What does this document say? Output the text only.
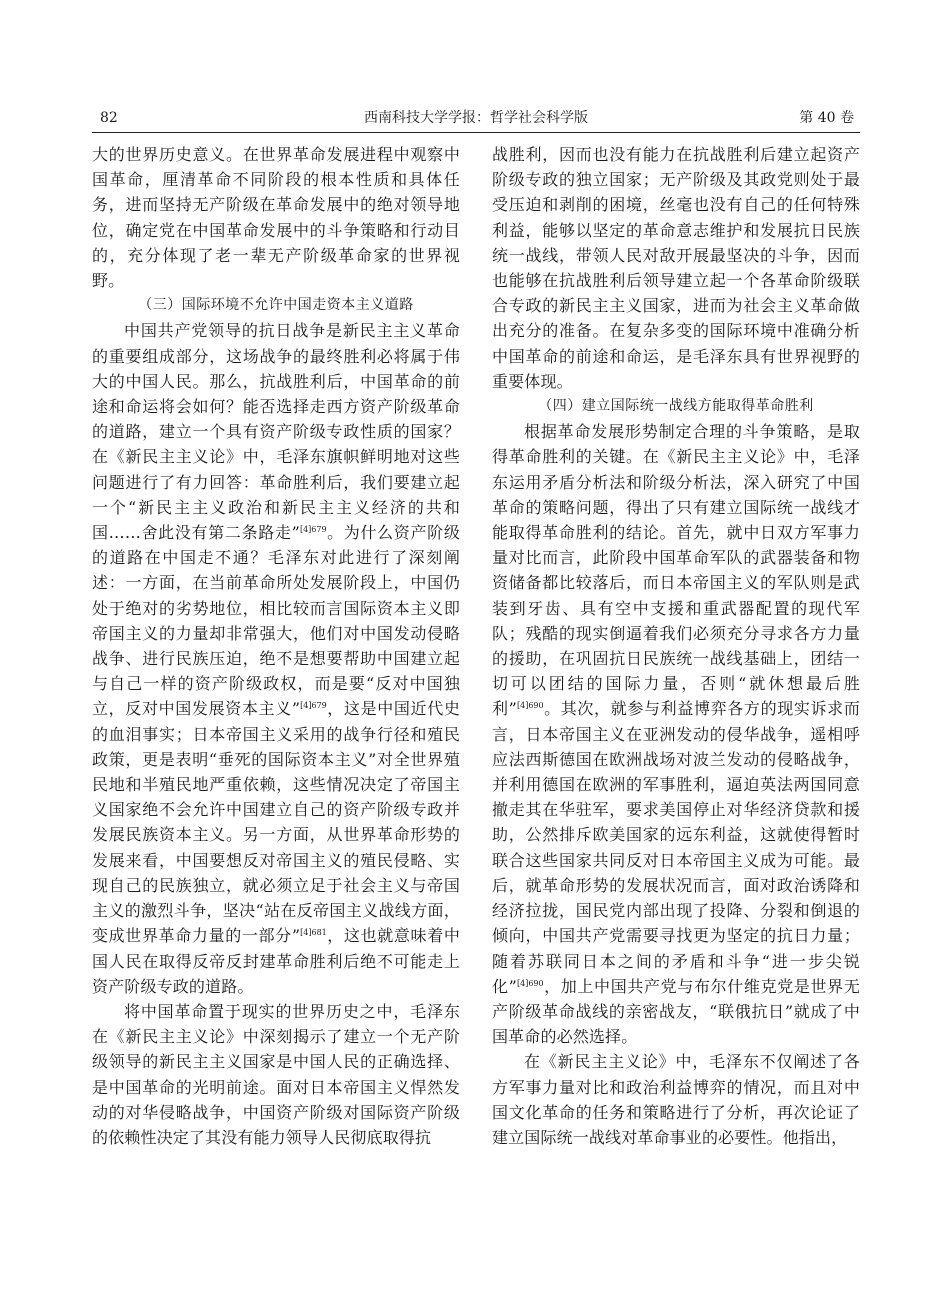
82	西南科技大学学报：哲学社会科学版	第 40 卷

大的世界历史意义。在世界革命发展进程中观察中国革命，厘清革命不同阶段的根本性质和具体任务，进而坚持无产阶级在革命发展中的绝对领导地位，确定党在中国革命发展中的斗争策略和行动目的，充分体现了老一辈无产阶级革命家的世界视野。

（三）国际环境不允许中国走资本主义道路

中国共产党领导的抗日战争是新民主主义革命的重要组成部分，这场战争的最终胜利必将属于伟大的中国人民。那么，抗战胜利后，中国革命的前途和命运将会如何？能否选择走西方资产阶级革命的道路，建立一个具有资产阶级专政性质的国家？在《新民主主义论》中，毛泽东旗帜鲜明地对这些问题进行了有力回答：革命胜利后，我们要建立起一个“新民主主义政治和新民主主义经济的共和国……舍此没有第二条路走”$^{[4]679}$。为什么资产阶级的道路在中国走不通？毛泽东对此进行了深刻阐述：一方面，在当前革命所处发展阶段上，中国仍处于绝对的劣势地位，相比较而言国际资本主义即帝国主义的力量却非常强大，他们对中国发动侵略战争、进行民族压迫，绝不是想要帮助中国建立起与自己一样的资产阶级政权，而是要“反对中国独立，反对中国发展资本主义”$^{[4]679}$，这是中国近代史的血泪事实；日本帝国主义采用的战争行径和殖民政策，更是表明“垂死的国际资本主义”对全世界殖民地和半殖民地严重依赖，这些情况决定了帝国主义国家绝不会允许中国建立自己的资产阶级专政并发展民族资本主义。另一方面，从世界革命形势的发展来看，中国要想反对帝国主义的殖民侵略、实现自己的民族独立，就必须立足于社会主义与帝国主义的激烈斗争，坚决“站在反帝国主义战线方面，变成世界革命力量的一部分”$^{[4]681}$，这也就意味着中国人民在取得反帝反封建革命胜利后绝不可能走上资产阶级专政的道路。

将中国革命置于现实的世界历史之中，毛泽东在《新民主主义论》中深刻揭示了建立一个无产阶级领导的新民主主义国家是中国人民的正确选择、是中国革命的光明前途。面对日本帝国主义悍然发动的对华侵略战争，中国资产阶级对国际资产阶级的依赖性决定了其没有能力领导人民彻底取得抗

战胜利，因而也没有能力在抗战胜利后建立起资产阶级专政的独立国家；无产阶级及其政党则处于最受压迫和剥削的困境，丝毫也没有自己的任何特殊利益，能够以坚定的革命意志维护和发展抗日民族统一战线，带领人民对敌开展最坚决的斗争，因而也能够在抗战胜利后领导建立起一个各革命阶级联合专政的新民主主义国家，进而为社会主义革命做出充分的准备。在复杂多变的国际环境中准确分析中国革命的前途和命运，是毛泽东具有世界视野的重要体现。

（四）建立国际统一战线方能取得革命胜利

根据革命发展形势制定合理的斗争策略，是取得革命胜利的关键。在《新民主主义论》中，毛泽东运用矛盾分析法和阶级分析法，深入研究了中国革命的策略问题，得出了只有建立国际统一战线才能取得革命胜利的结论。首先，就中日双方军事力量对比而言，此阶段中国革命军队的武器装备和物资储备都比较落后，而日本帝国主义的军队则是武装到牙齿、具有空中支援和重武器配置的现代军队；残酷的现实倒逼着我们必须充分寻求各方力量的援助，在巩固抗日民族统一战线基础上，团结一切可以团结的国际力量，否则“就休想最后胜利”$^{[4]690}$。其次，就参与利益博弈各方的现实诉求而言，日本帝国主义在亚洲发动的侵华战争，遥相呼应法西斯德国在欧洲战场对波兰发动的侵略战争，并利用德国在欧洲的军事胜利，逼迫英法两国同意撤走其在华驻军，要求美国停止对华经济贷款和援助，公然排斥欧美国家的远东利益，这就使得暂时联合这些国家共同反对日本帝国主义成为可能。最后，就革命形势的发展状况而言，面对政治诱降和经济拉拢，国民党内部出现了投降、分裂和倒退的倾向，中国共产党需要寻找更为坚定的抗日力量；随着苏联同日本之间的矛盾和斗争“进一步尖锐化”$^{[4]690}$，加上中国共产党与布尔什维克党是世界无产阶级革命战线的亲密战友，“联俄抗日”就成了中国革命的必然选择。

在《新民主主义论》中，毛泽东不仅阐述了各方军事力量对比和政治利益博弈的情况，而且对中国文化革命的任务和策略进行了分析，再次论证了建立国际统一战线对革命事业的必要性。他指出，
